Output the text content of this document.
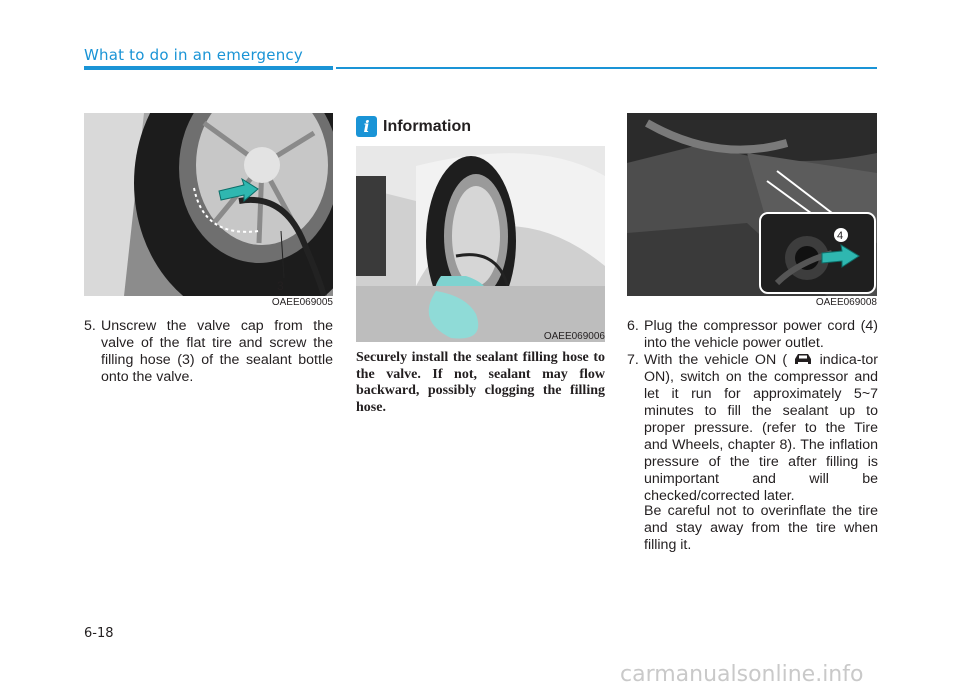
What to do in an emergency
3
OAEE069005
5. Unscrew the valve cap from the valve of the flat tire and screw the filling hose (3) of the sealant bottle onto the valve.
i Information
OAEE069006
Securely install the sealant filling hose to the valve. If not, sealant may flow backward, possibly clogging the filling hose.
4
OAEE069008
6. Plug the compressor power cord (4) into the vehicle power outlet.
7. With the vehicle ON ( indica-tor ON), switch on the compressor and let it run for approximately 5~7 minutes to fill the sealant up to proper pressure. (refer to the Tire and Wheels, chapter 8). The inflation pressure of the tire after filling is unimportant and will be checked/corrected later.
Be careful not to overinflate the tire and stay away from the tire when filling it.
6-18
carmanualsonline.info
